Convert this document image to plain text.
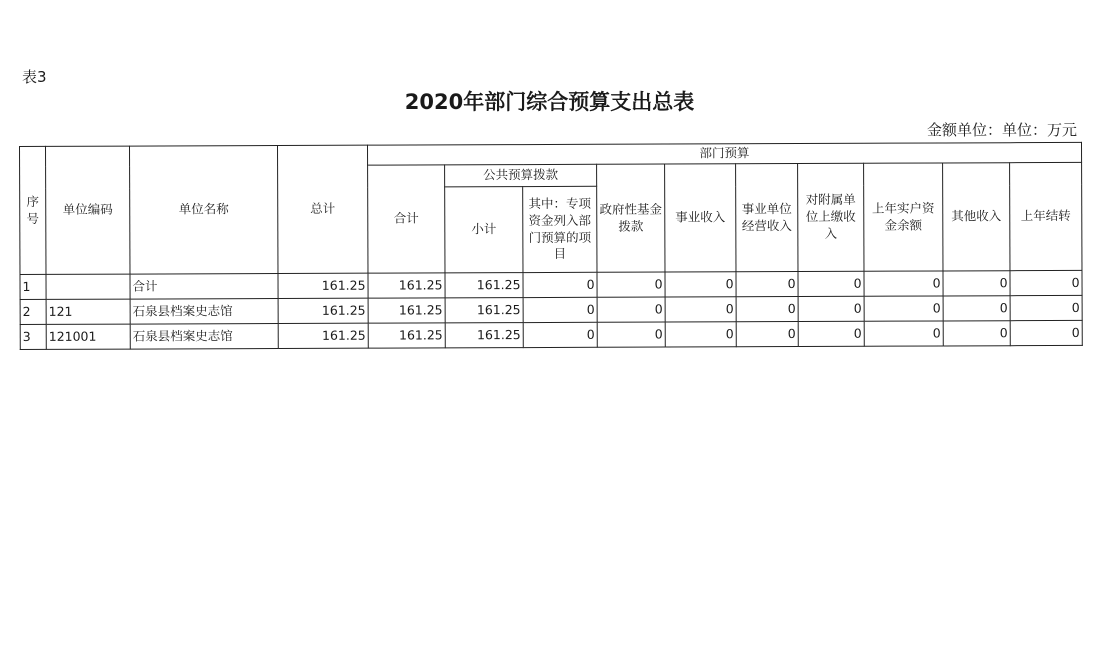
表3
2020年部门综合预算支出总表
金额单位：单位：万元
序号	单位编码	单位名称	总计	部门预算									
				合计	公共预算拨款		政府性基金拨款	事业收入	事业单位经营收入	对附属单位上缴收入	上年实户资金余额	其他收入	上年结转
					小计	其中：专项资金列入部门预算的项目							
1		合计	161.25	161.25	161.25	0	0	0	0	0	0	0	0
2	121	石泉县档案史志馆	161.25	161.25	161.25	0	0	0	0	0	0	0	0
3	121001	石泉县档案史志馆	161.25	161.25	161.25	0	0	0	0	0	0	0	0
